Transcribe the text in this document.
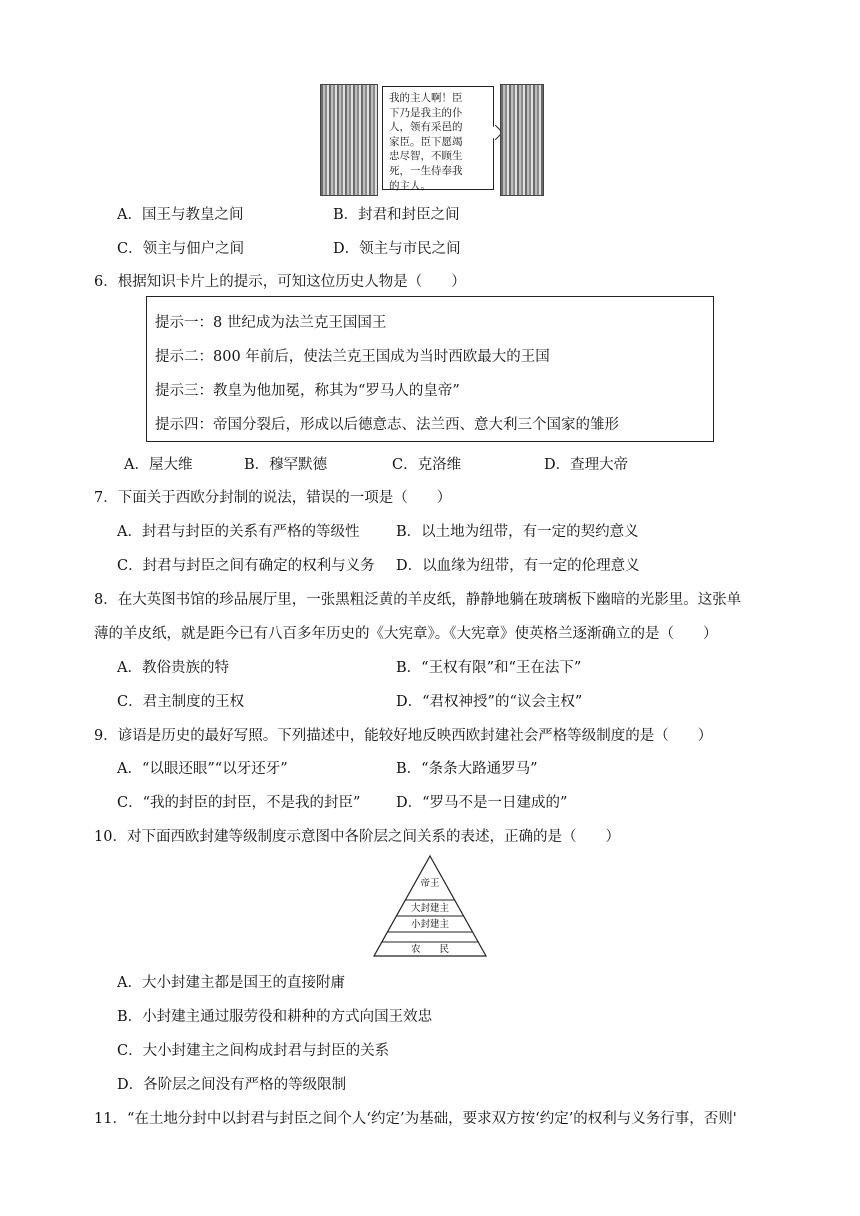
我的主人啊！臣
下乃是我主的仆
人，领有采邑的
家臣。臣下愿竭
忠尽智，不顾生
死，一生侍奉我
的主人。
A．国王与教皇之间	B．封君和封臣之间
C．领主与佃户之间	D．领主与市民之间
6．根据知识卡片上的提示，可知这位历史人物是（　　）
提示一：8 世纪成为法兰克王国国王
提示二：800 年前后，使法兰克王国成为当时西欧最大的王国
提示三：教皇为他加冕，称其为“罗马人的皇帝”
提示四：帝国分裂后，形成以后德意志、法兰西、意大利三个国家的雏形
A．屋大维	B．穆罕默德	C．克洛维	D．查理大帝
7．下面关于西欧分封制的说法，错误的一项是（　　）
A．封君与封臣的关系有严格的等级性	B．以土地为纽带，有一定的契约意义
C．封君与封臣之间有确定的权利与义务 D．以血缘为纽带，有一定的伦理意义
8．在大英图书馆的珍品展厅里，一张黑粗泛黄的羊皮纸，静静地躺在玻璃板下幽暗的光影里。这张单
薄的羊皮纸，就是距今已有八百多年历史的《大宪章》。《大宪章》使英格兰逐渐确立的是（　　）
A．教俗贵族的特	B．“王权有限”和“王在法下”
C．君主制度的王权	D．“君权神授”的“议会主权”
9．谚语是历史的最好写照。下列描述中，能较好地反映西欧封建社会严格等级制度的是（　　）
A．“以眼还眼”“以牙还牙”	B．“条条大路通罗马”
C．“我的封臣的封臣，不是我的封臣” D．“罗马不是一日建成的”
10．对下面西欧封建等级制度示意图中各阶层之间关系的表述，正确的是（　　）
帝王
大封建主
小封建主
农　　民
A．大小封建主都是国王的直接附庸
B．小封建主通过服劳役和耕种的方式向国王效忠
C．大小封建主之间构成封君与封臣的关系
D．各阶层之间没有严格的等级限制
11．“在土地分封中以封君与封臣之间个人‘约定’为基础，要求双方按‘约定’的权利与义务行事，否则'
